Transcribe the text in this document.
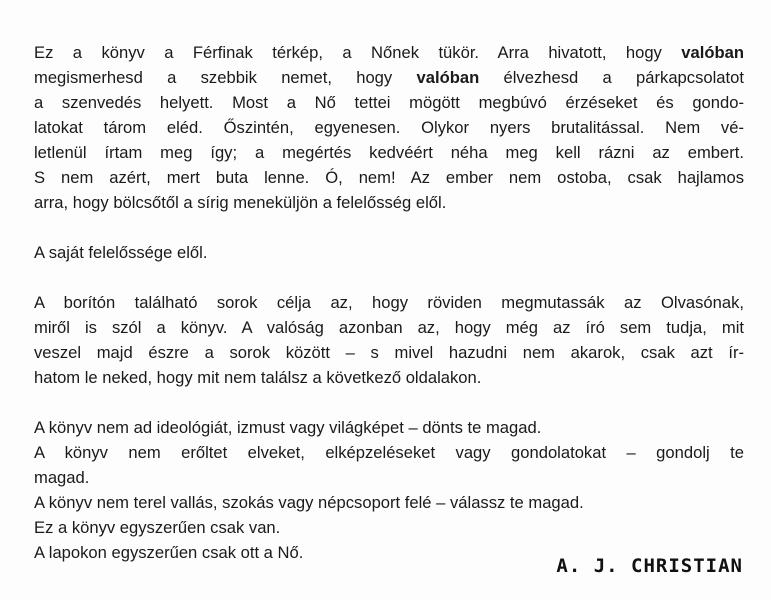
Ez a könyv a Férfinak térkép, a Nőnek tükör. Arra hivatott, hogy valóban
megismerhesd a szebbik nemet, hogy valóban élvezhesd a párkapcsolatot
a szenvedés helyett. Most a Nő tettei mögött megbúvó érzéseket és gondo-
latokat tárom eléd. Őszintén, egyenesen. Olykor nyers brutalitással. Nem vé-
letlenül írtam meg így; a megértés kedvéért néha meg kell rázni az embert.
S nem azért, mert buta lenne. Ó, nem! Az ember nem ostoba, csak hajlamos
arra, hogy bölcsőtől a sírig meneküljön a felelősség elől.
A saját felelőssége elől.
A borítón található sorok célja az, hogy röviden megmutassák az Olvasónak,
miről is szól a könyv. A valóság azonban az, hogy még az író sem tudja, mit
veszel majd észre a sorok között – s mivel hazudni nem akarok, csak azt ír-
hatom le neked, hogy mit nem találsz a következő oldalakon.
A könyv nem ad ideológiát, izmust vagy világképet – dönts te magad.
A könyv nem erőltet elveket, elképzeléseket vagy gondolatokat – gondolj te
magad.
A könyv nem terel vallás, szokás vagy népcsoport felé – válassz te magad.
Ez a könyv egyszerűen csak van.
A lapokon egyszerűen csak ott a Nő.
A. J. CHRISTIAN
